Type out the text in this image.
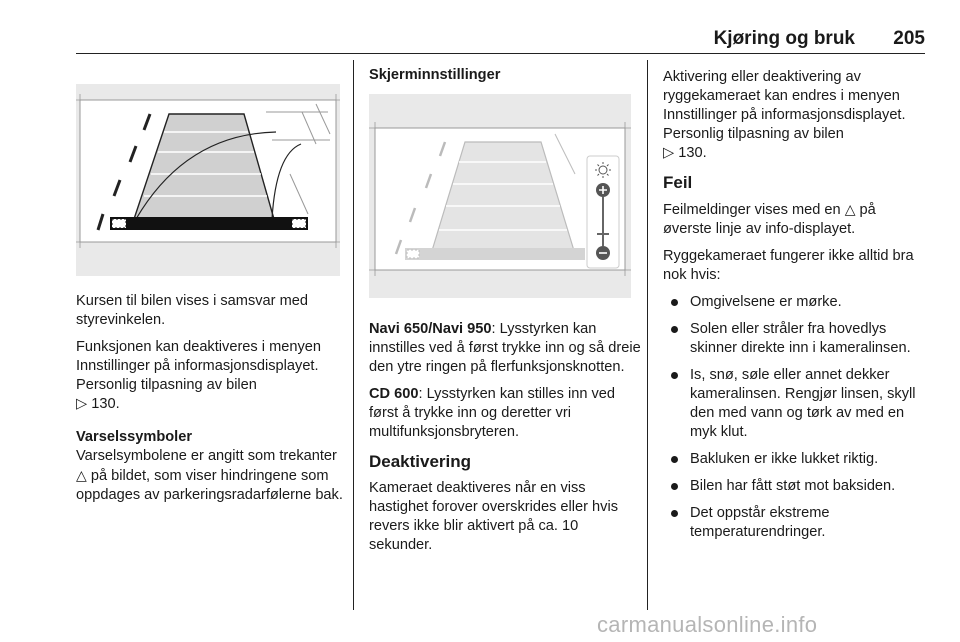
Kjøring og bruk 205

Kursen til bilen vises i samsvar med styrevinkelen.

Funksjonen kan deaktiveres i menyen Innstillinger på informasjonsdisplayet. Personlig tilpasning av bilen
▷ 130.

Varselssymboler

Varselsymbolene er angitt som trekanter △ på bildet, som viser hindringene som oppdages av parkeringsradarfølerne bak.

Skjerminnstillinger

Navi 650/Navi 950: Lysstyrken kan innstilles ved å først trykke inn og så dreie den ytre ringen på flerfunksjonsknotten.

CD 600: Lysstyrken kan stilles inn ved først å trykke inn og deretter vri multifunksjonsbryteren.

Deaktivering

Kameraet deaktiveres når en viss hastighet forover overskrides eller hvis revers ikke blir aktivert på ca. 10 sekunder.

Aktivering eller deaktivering av ryggekameraet kan endres i menyen Innstillinger på informasjonsdisplayet. Personlig tilpasning av bilen
▷ 130.

Feil

Feilmeldinger vises med en △ på øverste linje av info-displayet.

Ryggekameraet fungerer ikke alltid bra nok hvis:

Omgivelsene er mørke.
Solen eller stråler fra hovedlys skinner direkte inn i kameralinsen.
Is, snø, søle eller annet dekker kameralinsen. Rengjør linsen, skyll den med vann og tørk av med en myk klut.
Bakluken er ikke lukket riktig.
Bilen har fått støt mot baksiden.
Det oppstår ekstreme temperaturendringer.
carmanualsonline.info
